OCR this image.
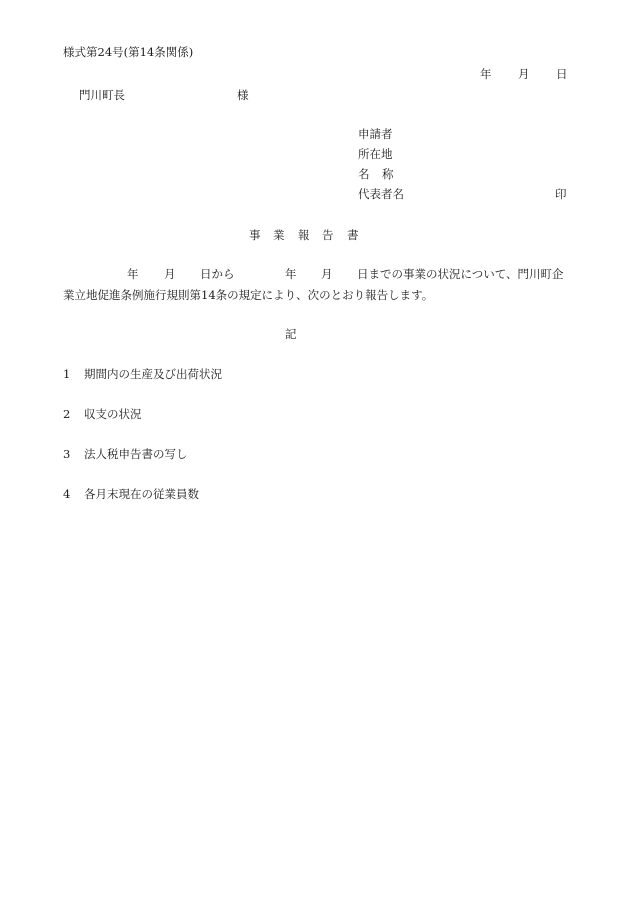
様式第24号(第14条関係)
年 月 日
門川町長	様
申請者
所在地
名 称
代表者名	印
事 業 報 告 書
年 月 日から	年 月 日までの事業の状況について、門川町企
業立地促進条例施行規則第14条の規定により、次のとおり報告します。
記
1 期間内の生産及び出荷状況
2 収支の状況
3 法人税申告書の写し
4 各月末現在の従業員数
